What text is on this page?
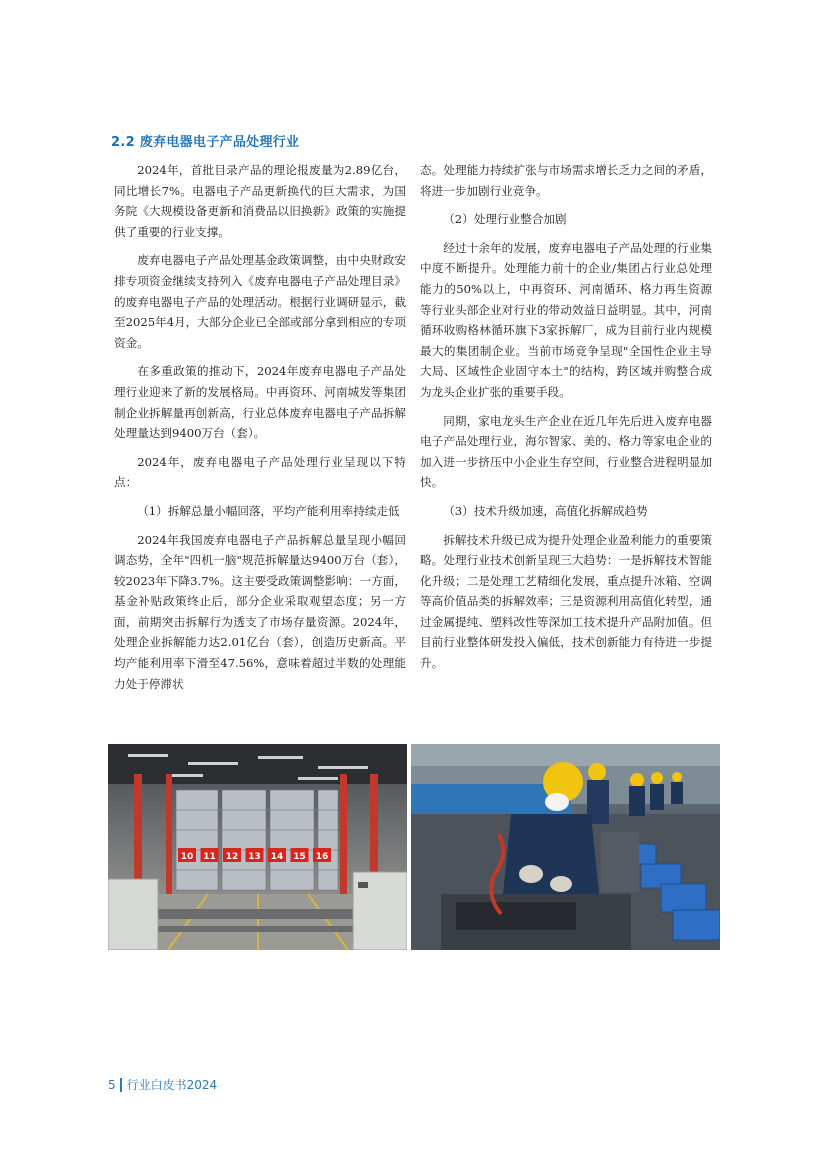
2.2 废弃电器电子产品处理行业

2024年，首批目录产品的理论报废量为2.89亿台，同比增长7%。电器电子产品更新换代的巨大需求，为国务院《大规模设备更新和消费品以旧换新》政策的实施提供了重要的行业支撑。

废弃电器电子产品处理基金政策调整，由中央财政安排专项资金继续支持列入《废弃电器电子产品处理目录》的废弃电器电子产品的处理活动。根据行业调研显示，截至2025年4月，大部分企业已全部或部分拿到相应的专项资金。

在多重政策的推动下，2024年废弃电器电子产品处理行业迎来了新的发展格局。中再资环、河南城发等集团制企业拆解量再创新高，行业总体废弃电器电子产品拆解处理量达到9400万台（套）。

2024年，废弃电器电子产品处理行业呈现以下特点：

（1）拆解总量小幅回落，平均产能利用率持续走低

2024年我国废弃电器电子产品拆解总量呈现小幅回调态势，全年"四机一脑"规范拆解量达9400万台（套），较2023年下降3.7%。这主要受政策调整影响：一方面，基金补贴政策终止后，部分企业采取观望态度；另一方面，前期突击拆解行为透支了市场存量资源。2024年，处理企业拆解能力达2.01亿台（套），创造历史新高。平均产能利用率下滑至47.56%，意味着超过半数的处理能力处于停滞状

态。处理能力持续扩张与市场需求增长乏力之间的矛盾，将进一步加剧行业竞争。

（2）处理行业整合加剧

经过十余年的发展，废弃电器电子产品处理的行业集中度不断提升。处理能力前十的企业/集团占行业总处理能力的50%以上，中再资环、河南循环、格力再生资源等行业头部企业对行业的带动效益日益明显。其中，河南循环收购格林循环旗下3家拆解厂，成为目前行业内规模最大的集团制企业。当前市场竞争呈现"全国性企业主导大局、区域性企业固守本土"的结构，跨区域并购整合成为龙头企业扩张的重要手段。

同期，家电龙头生产企业在近几年先后进入废弃电器电子产品处理行业，海尔智家、美的、格力等家电企业的加入进一步挤压中小企业生存空间，行业整合进程明显加快。

（3）技术升级加速，高值化拆解成趋势

拆解技术升级已成为提升处理企业盈利能力的重要策略。处理行业技术创新呈现三大趋势：一是拆解技术智能化升级；二是处理工艺精细化发展，重点提升冰箱、空调等高价值品类的拆解效率；三是资源利用高值化转型，通过金属提纯、塑料改性等深加工技术提升产品附加值。但目前行业整体研发投入偏低，技术创新能力有待进一步提升。

10 11 12 13 14 15 16
5 行业白皮书2024
